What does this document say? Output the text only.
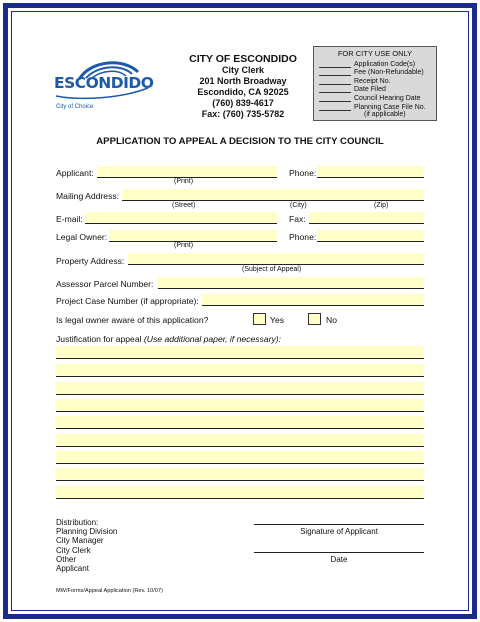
ESCONDIDO
City of Choice
CITY OF ESCONDIDO
City Clerk
201 North Broadway
Escondido, CA 92025
(760) 839-4617
Fax: (760) 735-5782
FOR CITY USE ONLY
Application Code(s)
Fee (Non-Refundable)
Receipt No.
Date Filed
Council Hearing Date
Planning Case File No.
(if applicable)
APPLICATION TO APPEAL A DECISION TO THE CITY COUNCIL
Applicant:
(Print)
Phone:
Mailing Address:
(Street)	(City)	(Zip)
E-mail:	Fax:
Legal Owner:
(Print)
Phone:
Property Address:
(Subject of Appeal)
Assessor Parcel Number:
Project Case Number (if appropriate):
Is legal owner aware of this application?	Yes	No
Justification for appeal (Use additional paper, if necessary):
Distribution:
Planning Division
City Manager
City Clerk
Other
Applicant
Signature of Applicant
Date
MW/Forms/Appeal Application (Rev. 10/07)
